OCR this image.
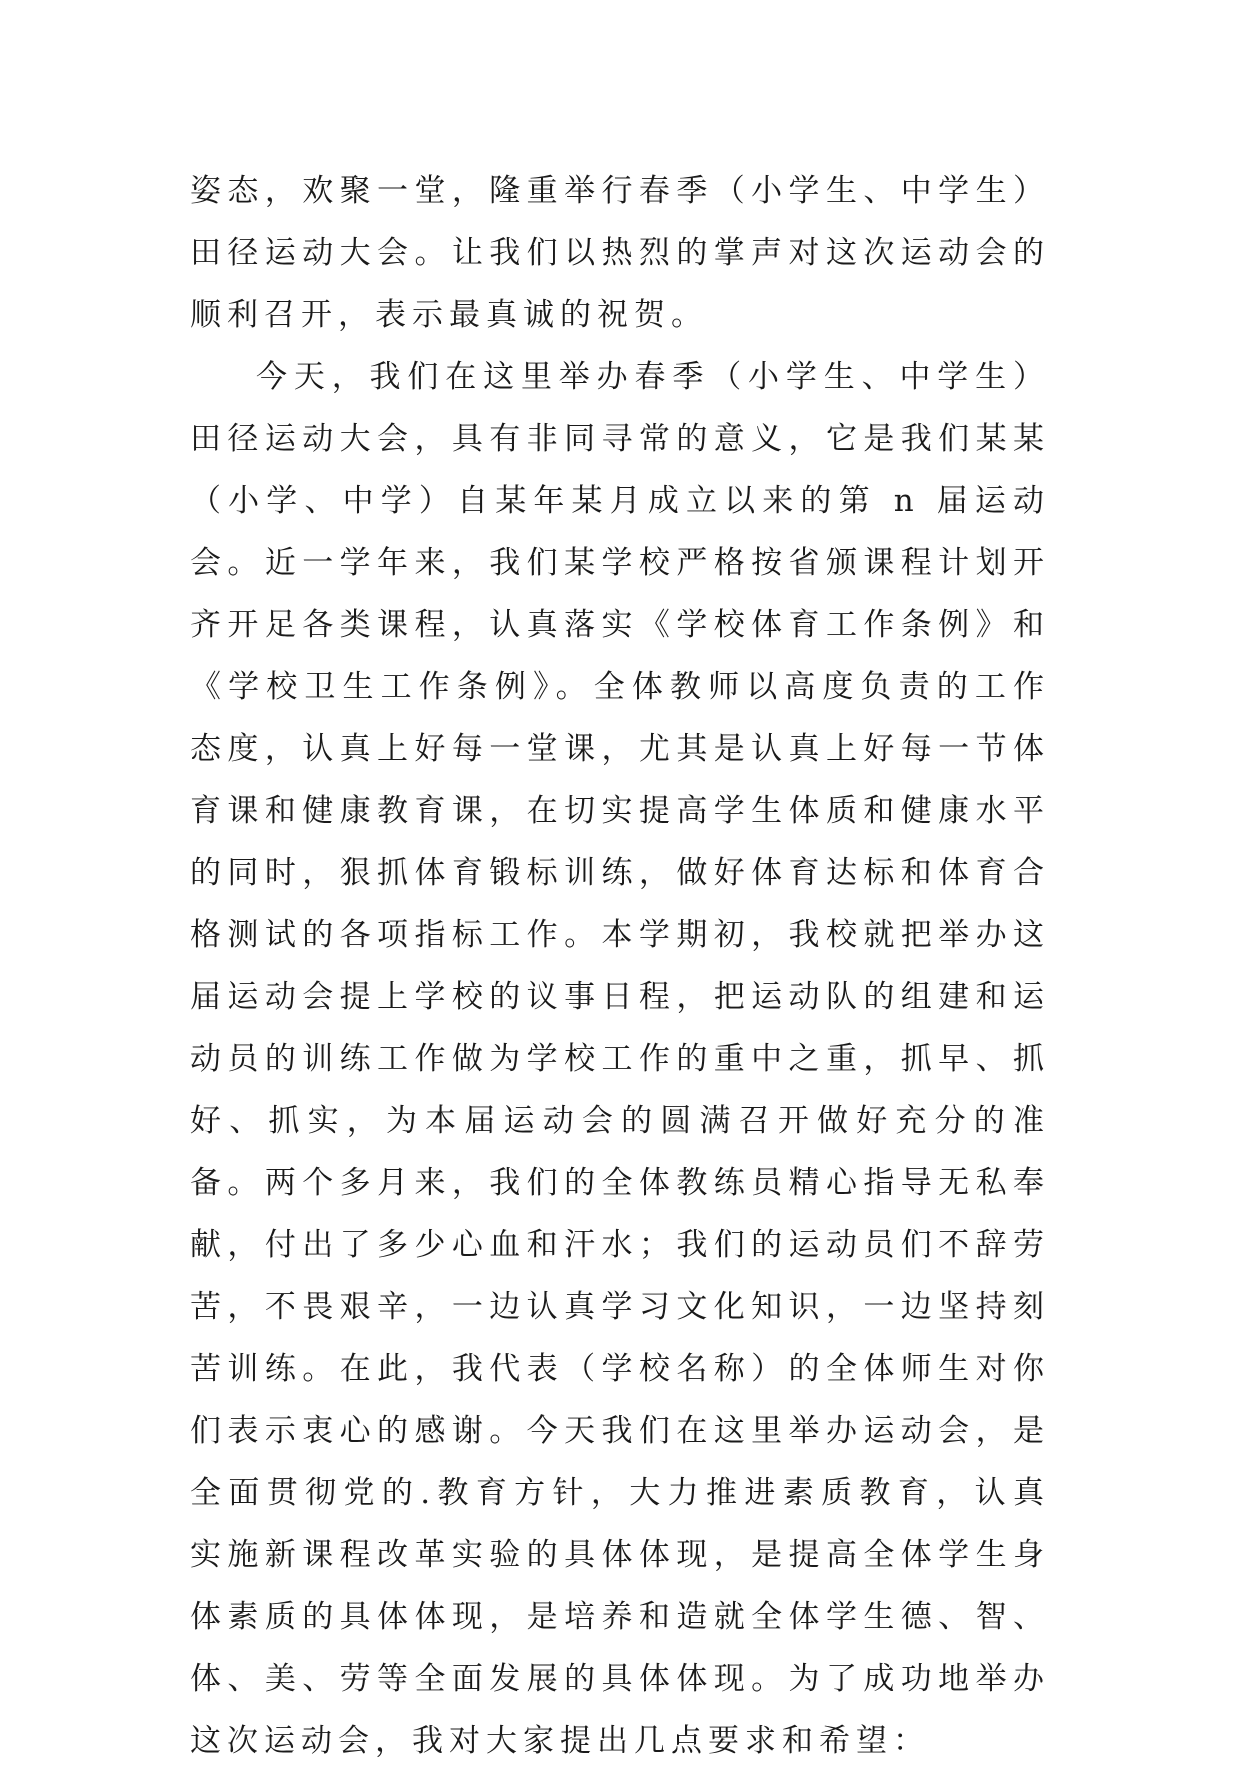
姿态，欢聚一堂，隆重举行春季（小学生、中学生）田径运动大会。让我们以热烈的掌声对这次运动会的顺利召开，表示最真诚的祝贺。

今天，我们在这里举办春季（小学生、中学生）田径运动大会，具有非同寻常的意义，它是我们某某（小学、中学）自某年某月成立以来的第 n 届运动会。近一学年来，我们某学校严格按省颁课程计划开齐开足各类课程，认真落实《学校体育工作条例》和《学校卫生工作条例》。全体教师以高度负责的工作态度，认真上好每一堂课，尤其是认真上好每一节体育课和健康教育课，在切实提高学生体质和健康水平的同时，狠抓体育锻标训练，做好体育达标和体育合格测试的各项指标工作。本学期初，我校就把举办这届运动会提上学校的议事日程，把运动队的组建和运动员的训练工作做为学校工作的重中之重，抓早、抓好、抓实，为本届运动会的圆满召开做好充分的准备。两个多月来，我们的全体教练员精心指导无私奉献，付出了多少心血和汗水；我们的运动员们不辞劳苦，不畏艰辛，一边认真学习文化知识，一边坚持刻苦训练。在此，我代表（学校名称）的全体师生对你们表示衷心的感谢。今天我们在这里举办运动会，是全面贯彻党的.教育方针，大力推进素质教育，认真实施新课程改革实验的具体体现，是提高全体学生身体素质的具体体现，是培养和造就全体学生德、智、体、美、劳等全面发展的具体体现。为了成功地举办这次运动会，我对大家提出几点要求和希望：
